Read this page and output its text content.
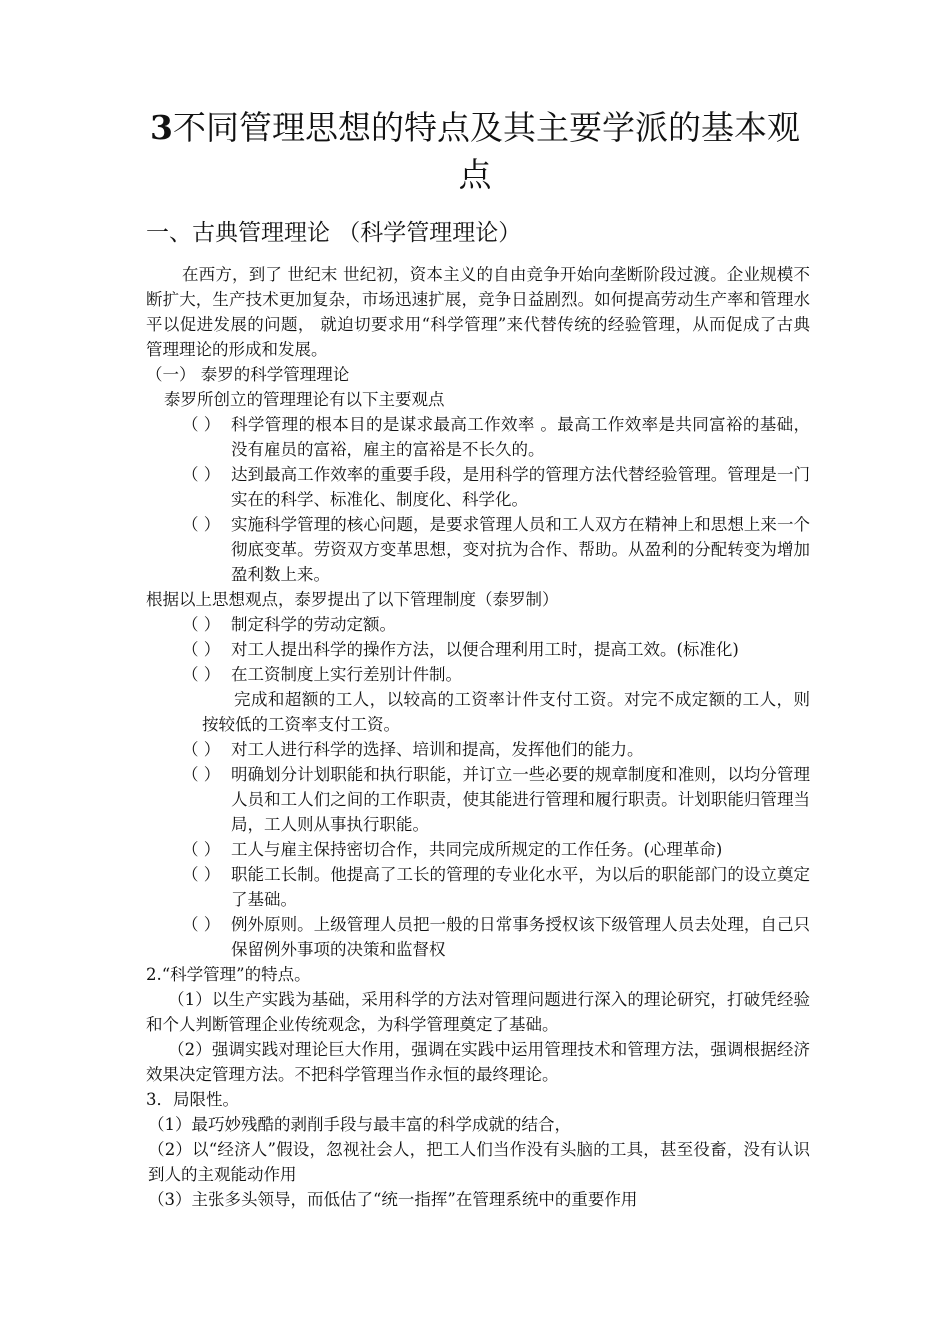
3不同管理思想的特点及其主要学派的基本观点
一、古典管理理论 （科学管理理论）

在西方，到了 世纪末 世纪初，资本主义的自由竞争开始向垄断阶段过渡。企业规模不断扩大，生产技术更加复杂，市场迅速扩展，竞争日益剧烈。如何提高劳动生产率和管理水平以促进发展的问题， 就迫切要求用“科学管理”来代替传统的经验管理，从而促成了古典管理理论的形成和发展。

（一） 泰罗的科学管理理论

泰罗所创立的管理理论有以下主要观点

（ ） 科学管理的根本目的是谋求最高工作效率 。最高工作效率是共同富裕的基础，没有雇员的富裕，雇主的富裕是不长久的。

（ ） 达到最高工作效率的重要手段，是用科学的管理方法代替经验管理。管理是一门实在的科学、标准化、制度化、科学化。

（ ） 实施科学管理的核心问题，是要求管理人员和工人双方在精神上和思想上来一个彻底变革。劳资双方变革思想，变对抗为合作、帮助。从盈利的分配转变为增加盈利数上来。

根据以上思想观点，泰罗提出了以下管理制度（泰罗制）

（ ） 制定科学的劳动定额。

（ ） 对工人提出科学的操作方法，以便合理利用工时，提高工效。(标准化)

（ ） 在工资制度上实行差别计件制。

完成和超额的工人，以较高的工资率计件支付工资。对完不成定额的工人，则按较低的工资率支付工资。

（ ） 对工人进行科学的选择、培训和提高，发挥他们的能力。

（ ） 明确划分计划职能和执行职能，并订立一些必要的规章制度和准则，以均分管理人员和工人们之间的工作职责，使其能进行管理和履行职责。计划职能归管理当局，工人则从事执行职能。

（ ） 工人与雇主保持密切合作，共同完成所规定的工作任务。(心理革命)

（ ） 职能工长制。他提高了工长的管理的专业化水平，为以后的职能部门的设立奠定了基础。

（ ） 例外原则。上级管理人员把一般的日常事务授权该下级管理人员去处理，自己只保留例外事项的决策和监督权

2.“科学管理”的特点。

（1）以生产实践为基础，采用科学的方法对管理问题进行深入的理论研究，打破凭经验和个人判断管理企业传统观念，为科学管理奠定了基础。

（2）强调实践对理论巨大作用，强调在实践中运用管理技术和管理方法，强调根据经济效果决定管理方法。不把科学管理当作永恒的最终理论。

3．局限性。

（1）最巧妙残酷的剥削手段与最丰富的科学成就的结合，

（2）以“经济人”假设，忽视社会人，把工人们当作没有头脑的工具，甚至役畜，没有认识到人的主观能动作用

（3）主张多头领导，而低估了“统一指挥”在管理系统中的重要作用
